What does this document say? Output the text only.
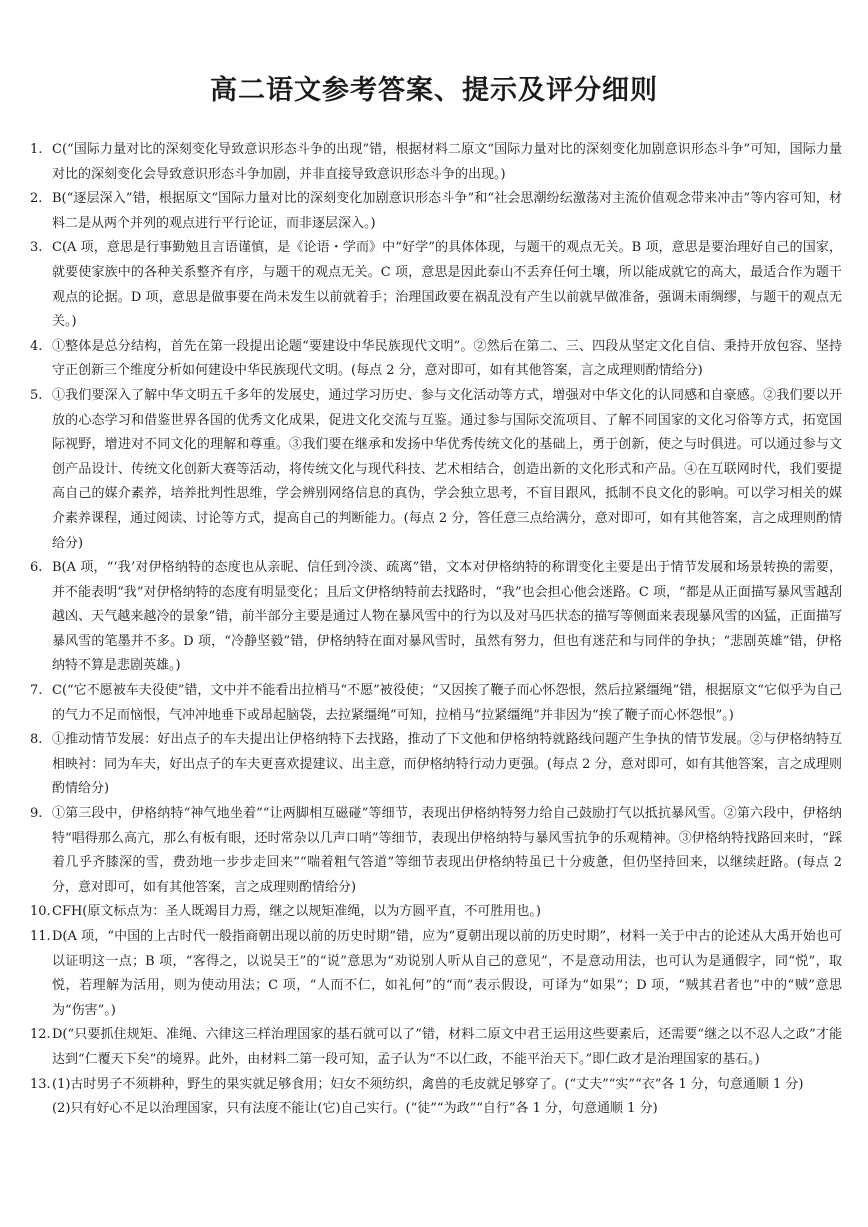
高二语文参考答案、提示及评分细则
1. C(“国际力量对比的深刻变化导致意识形态斗争的出现”错，根据材料二原文“国际力量对比的深刻变化加剧意识形态斗争”可知，国际力量对比的深刻变化会导致意识形态斗争加剧，并非直接导致意识形态斗争的出现。)
2. B(“逐层深入”错，根据原文“国际力量对比的深刻变化加剧意识形态斗争”和“社会思潮纷纭激荡对主流价值观念带来冲击”等内容可知，材料二是从两个并列的观点进行平行论证，而非逐层深入。)
3. C(A 项，意思是行事勤勉且言语谨慎，是《论语・学而》中“好学”的具体体现，与题干的观点无关。B 项，意思是要治理好自己的国家，就要使家族中的各种关系整齐有序，与题干的观点无关。C 项，意思是因此泰山不丢弃任何土壤，所以能成就它的高大，最适合作为题干观点的论据。D 项，意思是做事要在尚未发生以前就着手；治理国政要在祸乱没有产生以前就早做准备，强调未雨绸缪，与题干的观点无关。)
4. ①整体是总分结构，首先在第一段提出论题“要建设中华民族现代文明”。②然后在第二、三、四段从坚定文化自信、秉持开放包容、坚持守正创新三个维度分析如何建设中华民族现代文明。(每点 2 分，意对即可，如有其他答案，言之成理则酌情给分)
5. ①我们要深入了解中华文明五千多年的发展史，通过学习历史、参与文化活动等方式，增强对中华文化的认同感和自豪感。②我们要以开放的心态学习和借鉴世界各国的优秀文化成果，促进文化交流与互鉴。通过参与国际交流项目、了解不同国家的文化习俗等方式，拓宽国际视野，增进对不同文化的理解和尊重。③我们要在继承和发扬中华优秀传统文化的基础上，勇于创新，使之与时俱进。可以通过参与文创产品设计、传统文化创新大赛等活动，将传统文化与现代科技、艺术相结合，创造出新的文化形式和产品。④在互联网时代，我们要提高自己的媒介素养，培养批判性思维，学会辨别网络信息的真伪，学会独立思考，不盲目跟风，抵制不良文化的影响。可以学习相关的媒介素养课程，通过阅读、讨论等方式，提高自己的判断能力。(每点 2 分，答任意三点给满分，意对即可，如有其他答案，言之成理则酌情给分)
6. B(A 项，“‘我’对伊格纳特的态度也从亲昵、信任到冷淡、疏离”错，文本对伊格纳特的称谓变化主要是出于情节发展和场景转换的需要，并不能表明“我”对伊格纳特的态度有明显变化；且后文伊格纳特前去找路时，“我”也会担心他会迷路。C 项，“都是从正面描写暴风雪越刮越凶、天气越来越冷的景象”错，前半部分主要是通过人物在暴风雪中的行为以及对马匹状态的描写等侧面来表现暴风雪的凶猛，正面描写暴风雪的笔墨并不多。D 项，“冷静坚毅”错，伊格纳特在面对暴风雪时，虽然有努力，但也有迷茫和与同伴的争执；“悲剧英雄”错，伊格纳特不算是悲剧英雄。)
7. C(“它不愿被车夫役使”错，文中并不能看出拉梢马“不愿”被役使；“又因挨了鞭子而心怀怨恨，然后拉紧缰绳”错，根据原文“它似乎为自己的气力不足而恼恨，气冲冲地垂下或昂起脑袋，去拉紧缰绳”可知，拉梢马“拉紧缰绳”并非因为“挨了鞭子而心怀怨恨”。)
8. ①推动情节发展：好出点子的车夫提出让伊格纳特下去找路，推动了下文他和伊格纳特就路线问题产生争执的情节发展。②与伊格纳特互相映衬：同为车夫，好出点子的车夫更喜欢提建议、出主意，而伊格纳特行动力更强。(每点 2 分，意对即可，如有其他答案，言之成理则酌情给分)
9. ①第三段中，伊格纳特“神气地坐着”“让两脚相互磁碰”等细节，表现出伊格纳特努力给自己鼓励打气以抵抗暴风雪。②第六段中，伊格纳特“唱得那么高亢，那么有板有眼，还时常杂以几声口哨”等细节，表现出伊格纳特与暴风雪抗争的乐观精神。③伊格纳特找路回来时，“踩着几乎齐膝深的雪，费劲地一步步走回来”“喘着粗气答道”等细节表现出伊格纳特虽已十分疲惫，但仍坚持回来，以继续赶路。(每点 2 分，意对即可，如有其他答案，言之成理则酌情给分)
10. CFH(原文标点为：圣人既竭目力焉，继之以规矩准绳，以为方圆平直，不可胜用也。)
11. D(A 项，“中国的上古时代一般指商朝出现以前的历史时期”错，应为“夏朝出现以前的历史时期”，材料一关于中古的论述从大禹开始也可以证明这一点；B 项，“客得之，以说吴王”的“说”意思为“劝说别人听从自己的意见”，不是意动用法，也可认为是通假字，同“悦”，取悦，若理解为活用，则为使动用法；C 项，“人而不仁，如礼何”的“而”表示假设，可译为“如果”；D 项，“贼其君者也”中的“贼”意思为“伤害”。)
12. D(“只要抓住规矩、准绳、六律这三样治理国家的基石就可以了”错，材料二原文中君王运用这些要素后，还需要“继之以不忍人之政”才能达到“仁覆天下矣”的境界。此外，由材料二第一段可知，孟子认为“不以仁政，不能平治天下。”即仁政才是治理国家的基石。)
13. (1)古时男子不须耕种，野生的果实就足够食用；妇女不须纺织，禽兽的毛皮就足够穿了。(“丈夫”“实”“衣”各 1 分，句意通顺 1 分)
(2)只有好心不足以治理国家，只有法度不能让(它)自己实行。(“徒”“为政”“自行”各 1 分，句意通顺 1 分)
